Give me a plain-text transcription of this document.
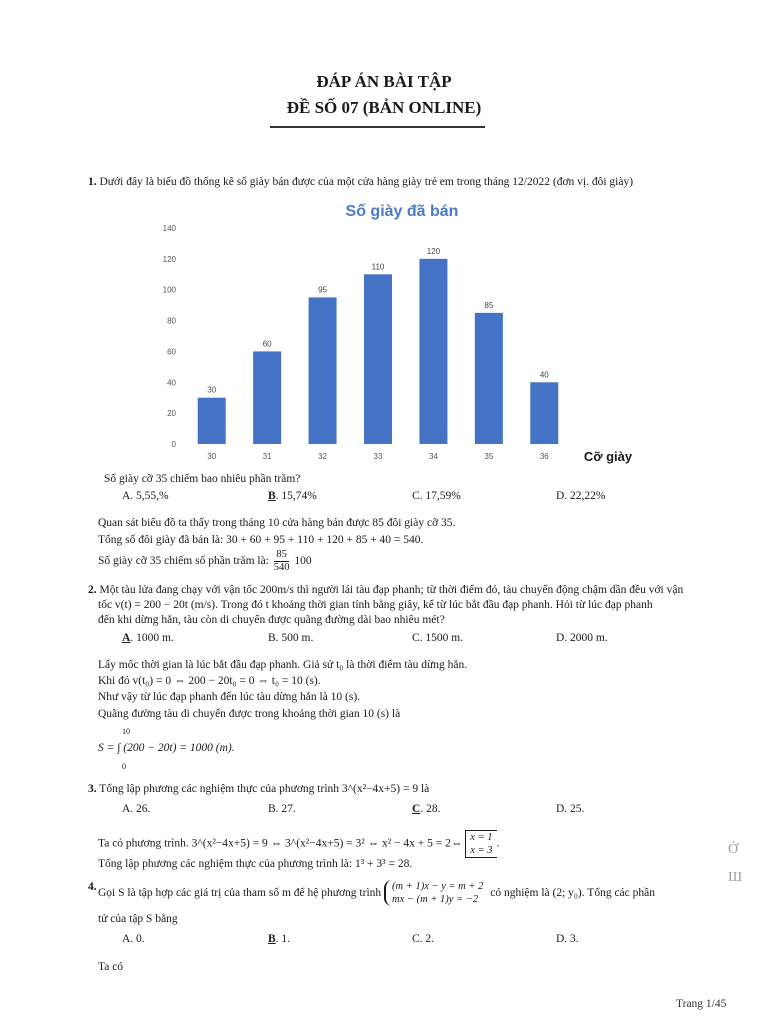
ĐÁP ÁN BÀI TẬP
ĐỀ SỐ 07 (BẢN ONLINE)
1. Dưới đây là biểu đồ thống kê số giày bán được của một cửa hàng giày trẻ em trong tháng 12/2022 (đơn vị. đôi giày)
Số giày đã bán
0
20
40
60
80
100
120
140
30
60
95
110
120
85
40
30	31	32	33	34	35	36	Cỡ giày
Số giày cỡ 35 chiếm bao nhiêu phần trăm?
A. 5,55,%	B. 15,74%	C. 17,59%	D. 22,22%
Quan sát biểu đồ ta thấy trong tháng 10 cửa hàng bán được 85 đôi giày cỡ 35.
Tổng số đôi giày đã bán là: 30 + 60 + 95 + 110 + 120 + 85 + 40 = 540.
Số giày cỡ 35 chiếm số phần trăm là: $\frac{85}{540} 100$
2. Một tàu lửa đang chạy với vận tốc 200m/s thì người lái tàu đạp phanh; từ thời điểm đó, tàu chuyển động chậm dần đều với vận
tốc v(t) = 200 − 20t (m/s). Trong đó t khoảng thời gian tính bằng giây, kể từ lúc bắt đầu đạp phanh. Hỏi từ lúc đạp phanh
đến khi dừng hẳn, tàu còn di chuyển được quãng đường dài bao nhiêu mét?
A. 1000 m.	B. 500 m.	C. 1500 m.	D. 2000 m.
Lấy mốc thời gian là lúc bắt đầu đạp phanh. Giả sử t₀ là thời điểm tàu dừng hẳn.
Khi đó v(t₀) = 0 ⇔ 200 − 20t₀ = 0 ⇔ t₀ = 10 (s).
Như vậy từ lúc đạp phanh đến lúc tàu dừng hẳn là 10 (s).
Quãng đường tàu di chuyển được trong khoảng thời gian 10 (s) là
10
S = ∫ (200 − 20t) = 1000 (m).
0
3. Tổng lập phương các nghiệm thực của phương trình 3^(x²−4x+5) = 9 là
A. 26.	B. 27.	C. 28.	D. 25.
Ta có phương trình. 3^(x²−4x+5) = 9 ⇔ 3^(x²−4x+5) = 3² ⇔ x² − 4x + 5 = 2⇔
x = 1
x = 3
.
Tổng lập phương các nghiệm thực của phương trình là: 1³ + 3³ = 28.
4. Gọi S là tập hợp các giá trị của tham số m để hệ phương trình
(m + 1)x − y = m + 2
mx − (m + 1)y = −2
có nghiệm là (2; y₀). Tổng các phần
tử của tập S bằng
A. 0.	B. 1.	C. 2.	D. 3.
Ta có
Ở
Ш
Trang 1/45
